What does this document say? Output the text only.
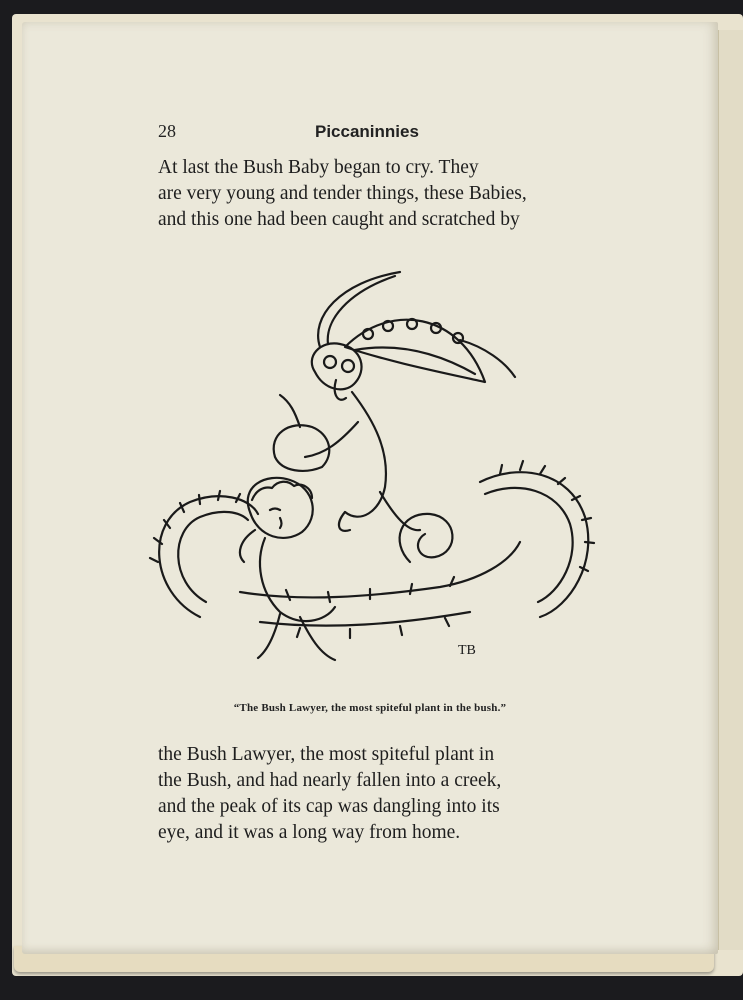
28	Piccaninnies
At last the Bush Baby began to cry. They
are very young and tender things, these Babies,
and this one had been caught and scratched by
TB
“The Bush Lawyer, the most spiteful plant in the bush.”
the Bush Lawyer, the most spiteful plant in
the Bush, and had nearly fallen into a creek,
and the peak of its cap was dangling into its
eye, and it was a long way from home.
